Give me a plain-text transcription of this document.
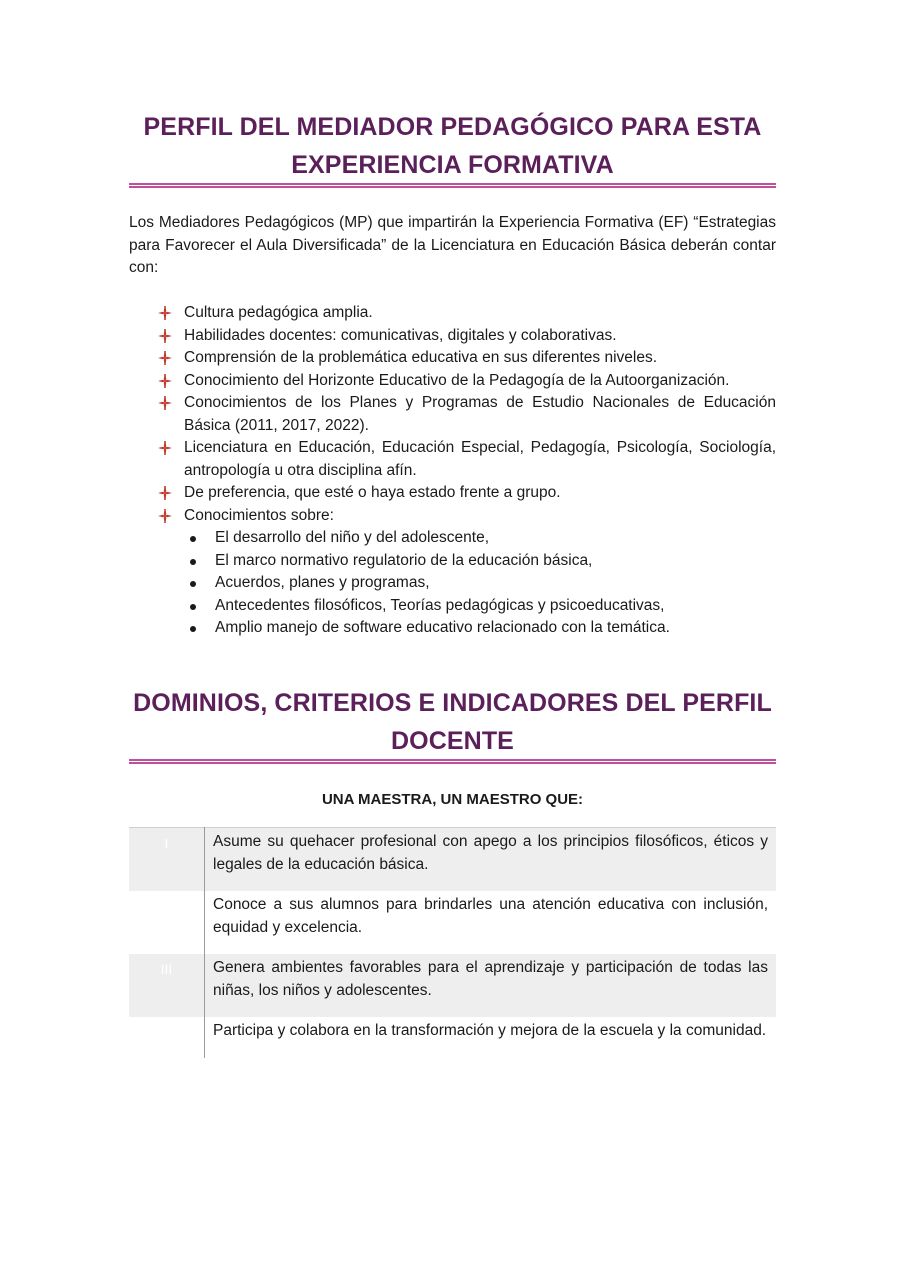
PERFIL DEL MEDIADOR PEDAGÓGICO PARA ESTA
EXPERIENCIA FORMATIVA
Los Mediadores Pedagógicos (MP) que impartirán la Experiencia Formativa (EF) “Estrategias para Favorecer el Aula Diversificada” de la Licenciatura en Educación Básica deberán contar con:
Cultura pedagógica amplia.
Habilidades docentes: comunicativas, digitales y colaborativas.
Comprensión de la problemática educativa en sus diferentes niveles.
Conocimiento del Horizonte Educativo de la Pedagogía de la Autoorganización.
Conocimientos de los Planes y Programas de Estudio Nacionales de Educación Básica (2011, 2017, 2022).
Licenciatura en Educación, Educación Especial, Pedagogía, Psicología, Sociología, antropología u otra disciplina afín.
De preferencia, que esté o haya estado frente a grupo.
Conocimientos sobre:
El desarrollo del niño y del adolescente,
El marco normativo regulatorio de la educación básica,
Acuerdos, planes y programas,
Antecedentes filosóficos, Teorías pedagógicas y psicoeducativas,
Amplio manejo de software educativo relacionado con la temática.
DOMINIOS, CRITERIOS E INDICADORES DEL PERFIL
DOCENTE
UNA MAESTRA, UN MAESTRO QUE:
I	Asume su quehacer profesional con apego a los principios filosóficos, éticos y legales de la educación básica.
II	Conoce a sus alumnos para brindarles una atención educativa con inclusión, equidad y excelencia.
III	Genera ambientes favorables para el aprendizaje y participación de todas las niñas, los niños y adolescentes.
IV	Participa y colabora en la transformación y mejora de la escuela y la comunidad.
